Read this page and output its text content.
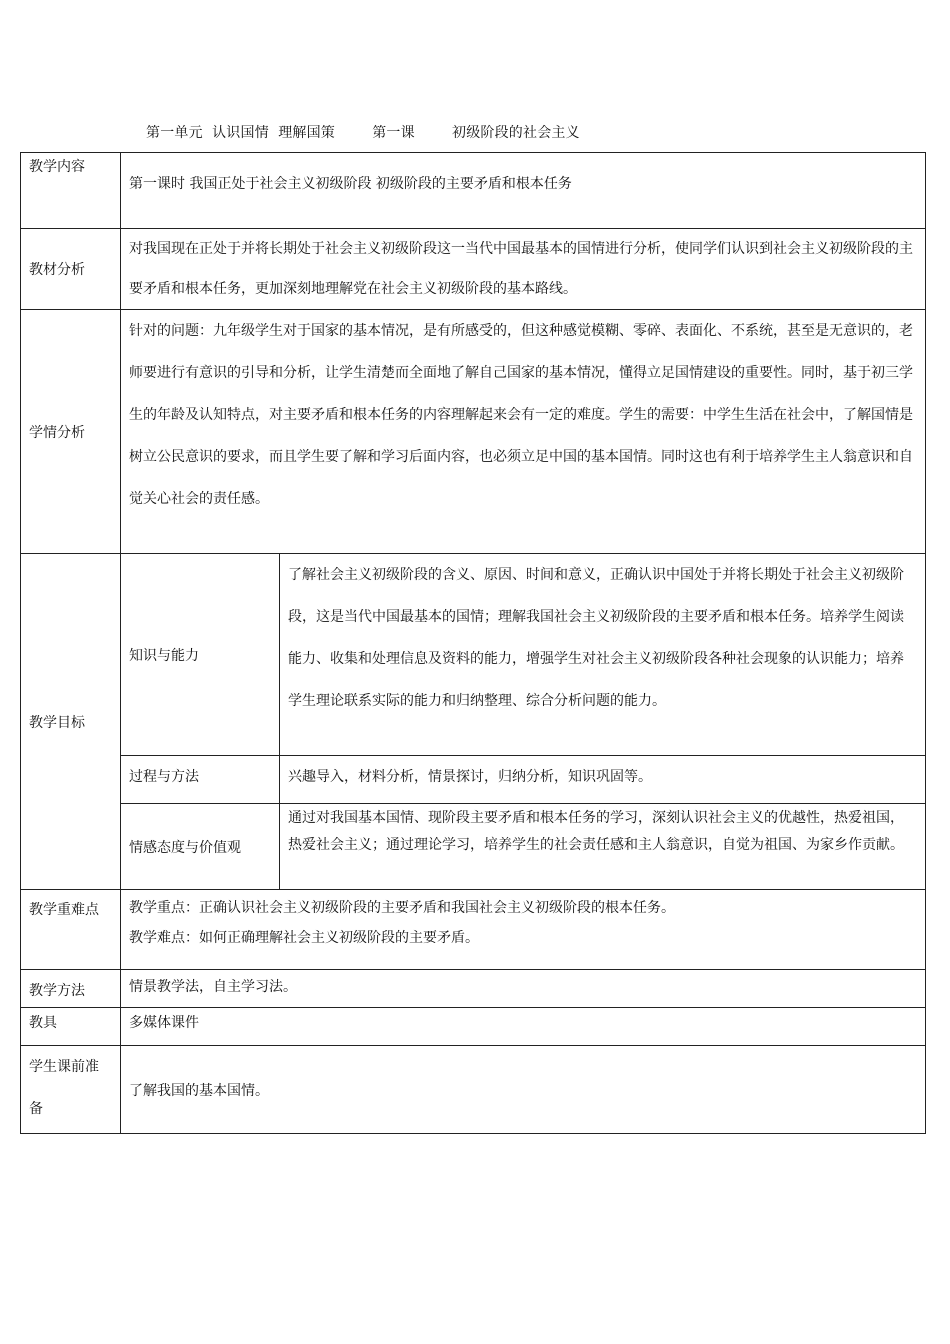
第一单元  认识国情  理解国策        第一课        初级阶段的社会主义
教学内容	第一课时 我国正处于社会主义初级阶段 初级阶段的主要矛盾和根本任务	
教材分析	对我国现在正处于并将长期处于社会主义初级阶段这一当代中国最基本的国情进行分析，使同学们认识到社会主义初级阶段的主要矛盾和根本任务，更加深刻地理解党在社会主义初级阶段的基本路线。	
学情分析	针对的问题：九年级学生对于国家的基本情况，是有所感受的，但这种感觉模糊、零碎、表面化、不系统，甚至是无意识的，老师要进行有意识的引导和分析，让学生清楚而全面地了解自己国家的基本情况，懂得立足国情建设的重要性。同时，基于初三学生的年龄及认知特点，对主要矛盾和根本任务的内容理解起来会有一定的难度。学生的需要：中学生生活在社会中，了解国情是树立公民意识的要求，而且学生要了解和学习后面内容，也必须立足中国的基本国情。同时这也有利于培养学生主人翁意识和自觉关心社会的责任感。	
教学目标	知识与能力	了解社会主义初级阶段的含义、原因、时间和意义，正确认识中国处于并将长期处于社会主义初级阶段，这是当代中国最基本的国情；理解我国社会主义初级阶段的主要矛盾和根本任务。培养学生阅读能力、收集和处理信息及资料的能力，增强学生对社会主义初级阶段各种社会现象的认识能力；培养学生理论联系实际的能力和归纳整理、综合分析问题的能力。
	过程与方法	兴趣导入，材料分析，情景探讨，归纳分析，知识巩固等。
	情感态度与价值观	通过对我国基本国情、现阶段主要矛盾和根本任务的学习，深刻认识社会主义的优越性，热爱祖国，热爱社会主义；通过理论学习，培养学生的社会责任感和主人翁意识，自觉为祖国、为家乡作贡献。
教学重难点	教学重点：正确认识社会主义初级阶段的主要矛盾和我国社会主义初级阶段的根本任务。
教学难点：如何正确理解社会主义初级阶段的主要矛盾。	

教学方法	情景教学法，自主学习法。	
教具	多媒体课件	
学生课前准备	了解我国的基本国情。	
